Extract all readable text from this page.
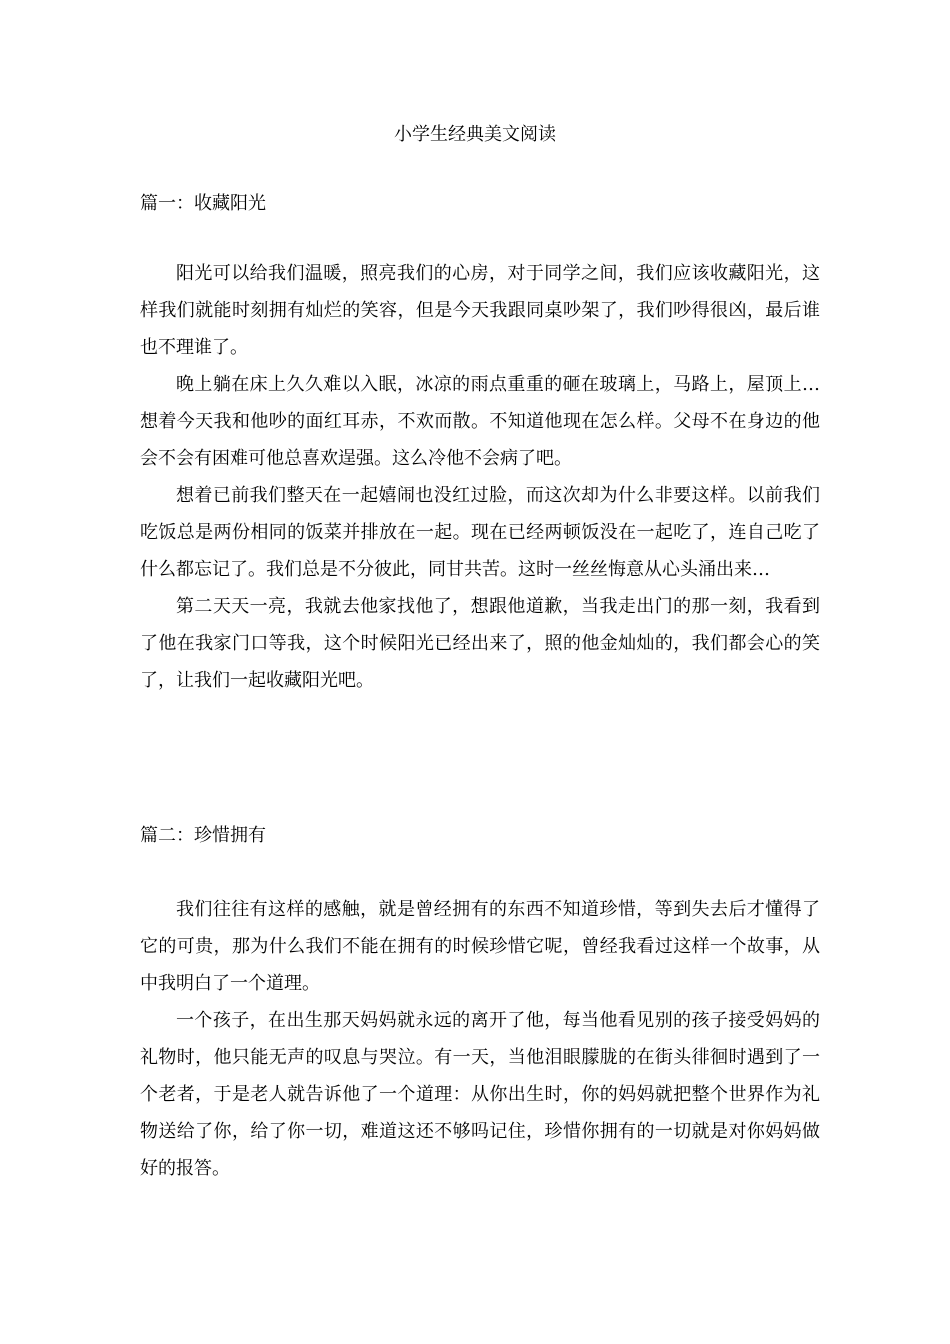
小学生经典美文阅读
篇一：收藏阳光

阳光可以给我们温暖，照亮我们的心房，对于同学之间，我们应该收藏阳光，这样我们就能时刻拥有灿烂的笑容，但是今天我跟同桌吵架了，我们吵得很凶，最后谁也不理谁了。

晚上躺在床上久久难以入眠，冰凉的雨点重重的砸在玻璃上，马路上，屋顶上…想着今天我和他吵的面红耳赤，不欢而散。不知道他现在怎么样。父母不在身边的他会不会有困难可他总喜欢逞强。这么冷他不会病了吧。

想着已前我们整天在一起嬉闹也没红过脸，而这次却为什么非要这样。以前我们吃饭总是两份相同的饭菜并排放在一起。现在已经两顿饭没在一起吃了，连自己吃了什么都忘记了。我们总是不分彼此，同甘共苦。这时一丝丝悔意从心头涌出来…

第二天天一亮，我就去他家找他了，想跟他道歉，当我走出门的那一刻，我看到了他在我家门口等我，这个时候阳光已经出来了，照的他金灿灿的，我们都会心的笑了，让我们一起收藏阳光吧。

篇二：珍惜拥有

我们往往有这样的感触，就是曾经拥有的东西不知道珍惜，等到失去后才懂得了它的可贵，那为什么我们不能在拥有的时候珍惜它呢，曾经我看过这样一个故事，从中我明白了一个道理。

一个孩子，在出生那天妈妈就永远的离开了他，每当他看见别的孩子接受妈妈的礼物时，他只能无声的叹息与哭泣。有一天，当他泪眼朦胧的在街头徘徊时遇到了一个老者，于是老人就告诉他了一个道理：从你出生时，你的妈妈就把整个世界作为礼物送给了你，给了你一切，难道这还不够吗记住，珍惜你拥有的一切就是对你妈妈做好的报答。
